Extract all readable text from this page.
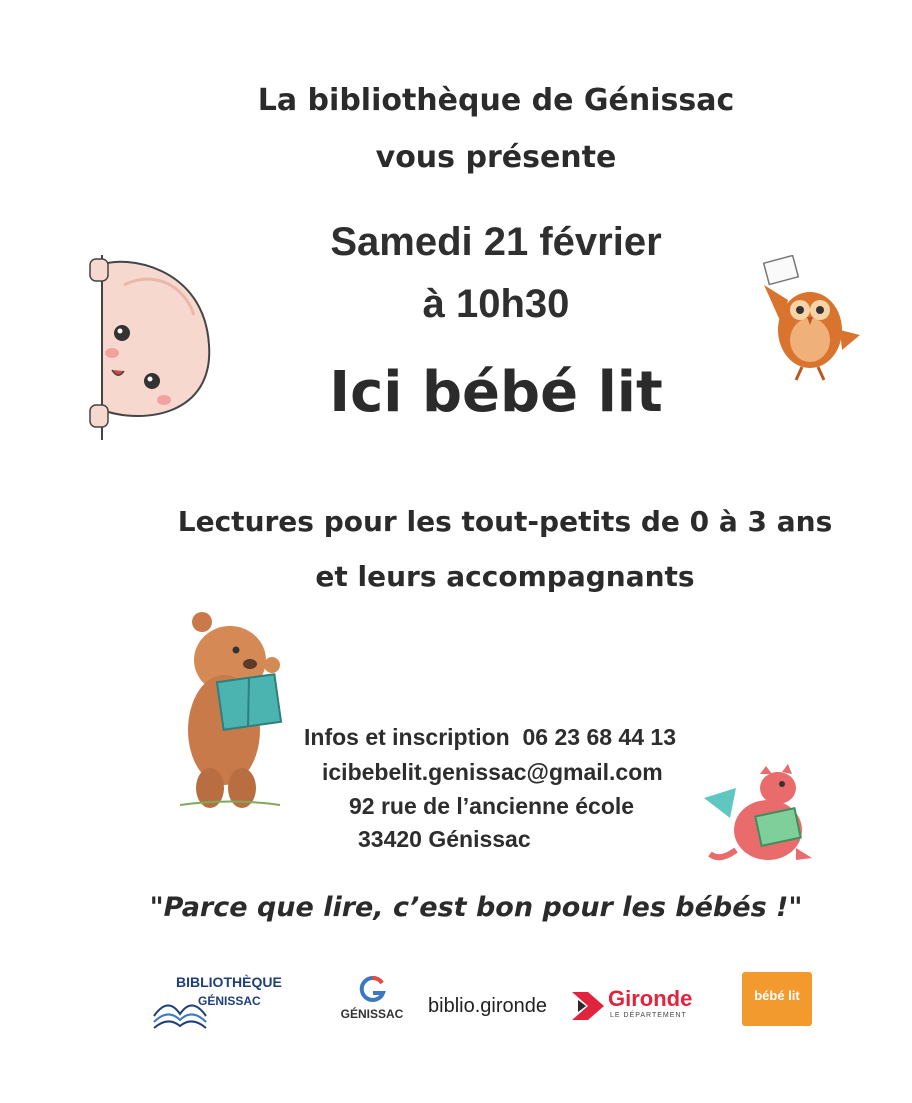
La bibliothèque de Génissac
vous présente
Samedi 21 février
à 10h30
Ici bébé lit
Lectures pour les tout-petits de 0 à 3 ans
et leurs accompagnants
Infos et inscription 06 23 68 44 13
icibebelit.genissac@gmail.com
92 rue de l’ancienne école
33420 Génissac
"Parce que lire, c’est bon pour les bébés !"
BIBLIOTHÈQUE
GÉNISSAC
GÉNISSAC	biblio.gironde	Gironde
LE DÉPARTEMENT
bébé lit
